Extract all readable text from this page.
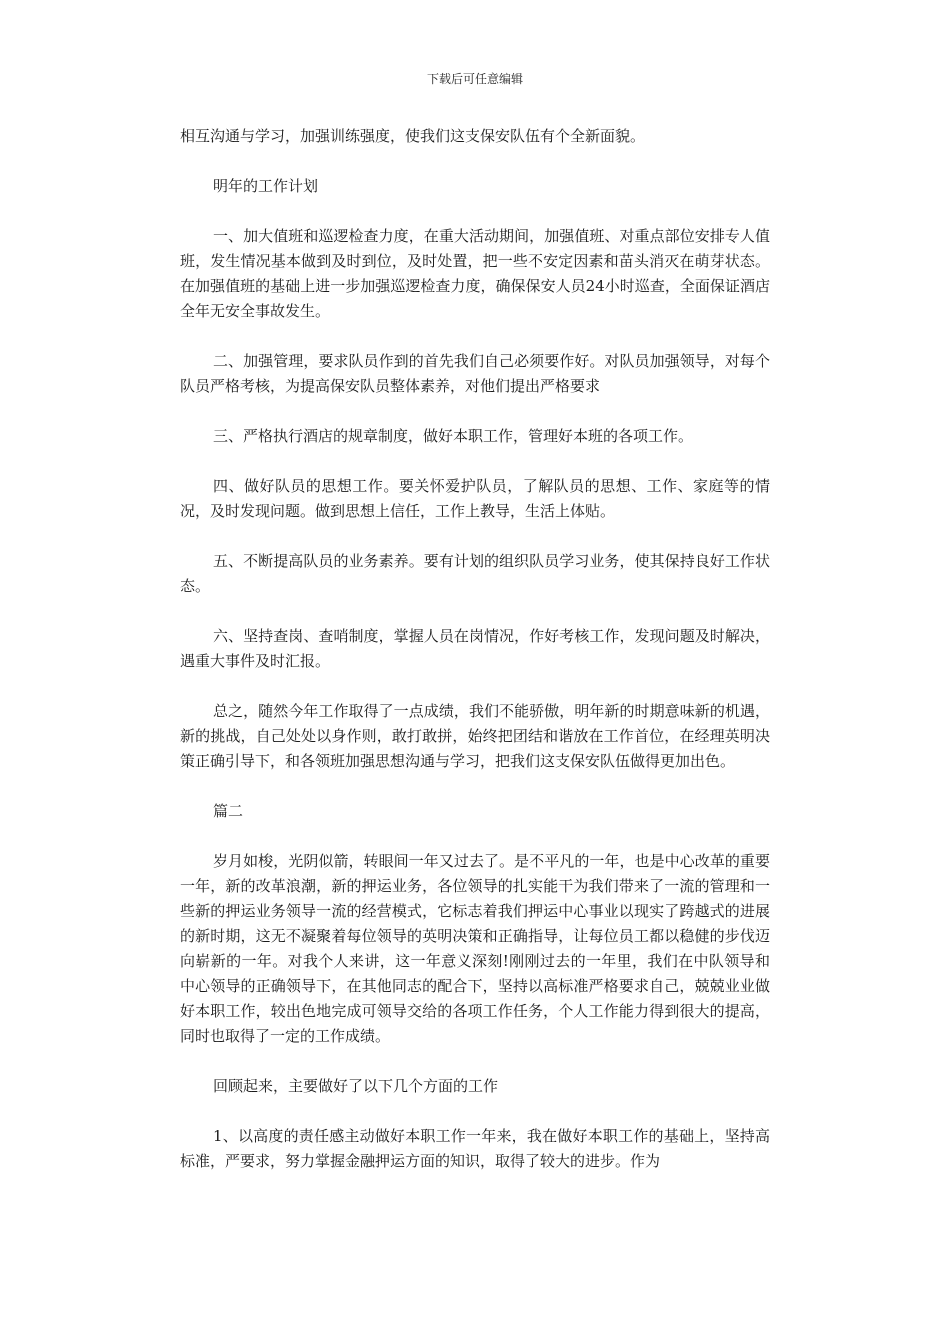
下载后可任意编辑

相互沟通与学习，加强训练强度，使我们这支保安队伍有个全新面貌。

明年的工作计划

一、加大值班和巡逻检查力度，在重大活动期间，加强值班、对重点部位安排专人值班，发生情况基本做到及时到位，及时处置，把一些不安定因素和苗头消灭在萌芽状态。在加强值班的基础上进一步加强巡逻检查力度，确保保安人员24小时巡查，全面保证酒店全年无安全事故发生。

二、加强管理，要求队员作到的首先我们自己必须要作好。对队员加强领导，对每个队员严格考核，为提高保安队员整体素养，对他们提出严格要求

三、严格执行酒店的规章制度，做好本职工作，管理好本班的各项工作。

四、做好队员的思想工作。要关怀爱护队员，了解队员的思想、工作、家庭等的情况，及时发现问题。做到思想上信任，工作上教导，生活上体贴。

五、不断提高队员的业务素养。要有计划的组织队员学习业务，使其保持良好工作状态。

六、坚持查岗、查哨制度，掌握人员在岗情况，作好考核工作，发现问题及时解决，遇重大事件及时汇报。

总之，随然今年工作取得了一点成绩，我们不能骄傲，明年新的时期意味新的机遇，新的挑战，自己处处以身作则，敢打敢拼，始终把团结和谐放在工作首位，在经理英明决策正确引导下，和各领班加强思想沟通与学习，把我们这支保安队伍做得更加出色。

篇二

岁月如梭，光阴似箭，转眼间一年又过去了。是不平凡的一年，也是中心改革的重要一年，新的改革浪潮，新的押运业务，各位领导的扎实能干为我们带来了一流的管理和一些新的押运业务领导一流的经营模式，它标志着我们押运中心事业以现实了跨越式的进展的新时期，这无不凝聚着每位领导的英明决策和正确指导，让每位员工都以稳健的步伐迈向崭新的一年。对我个人来讲，这一年意义深刻!刚刚过去的一年里，我们在中队领导和中心领导的正确领导下，在其他同志的配合下，坚持以高标准严格要求自己，兢兢业业做好本职工作，较出色地完成可领导交给的各项工作任务，个人工作能力得到很大的提高，同时也取得了一定的工作成绩。

回顾起来，主要做好了以下几个方面的工作

1、以高度的责任感主动做好本职工作一年来，我在做好本职工作的基础上，坚持高标准，严要求，努力掌握金融押运方面的知识，取得了较大的进步。作为
